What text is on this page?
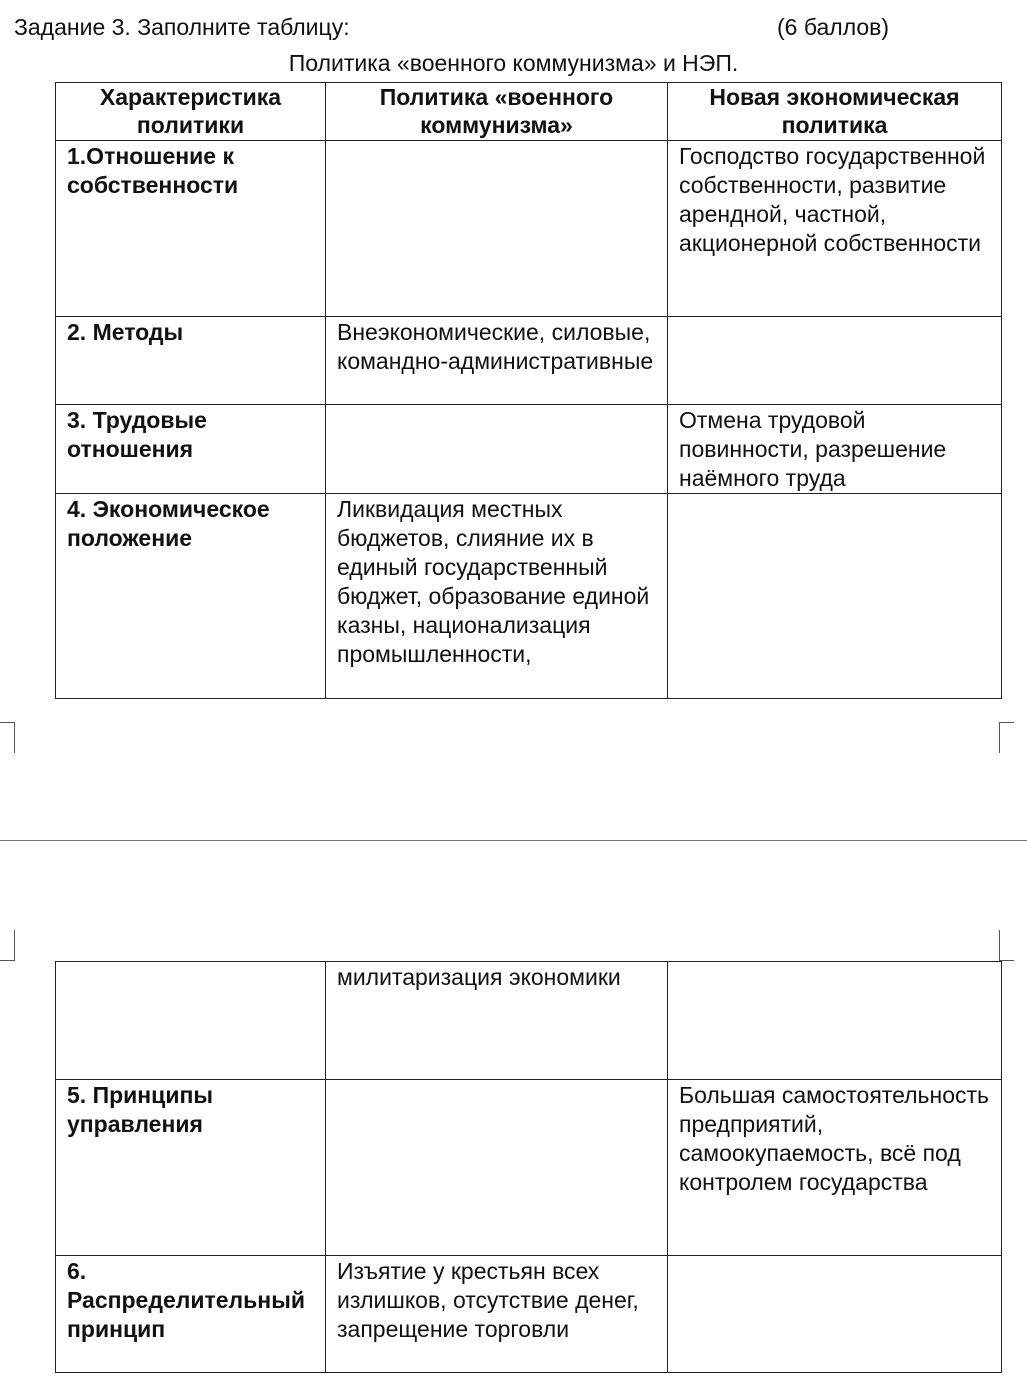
Задание 3. Заполните таблицу:	(6 баллов)
Политика «военного коммунизма» и НЭП.
Характеристика политики	Политика «военного коммунизма»	Новая экономическая политика
1.Отношение к собственности		Господство государственной собственности, развитие арендной, частной, акционерной собственности
2. Методы	Внеэкономические, силовые, командно-административные	
3. Трудовые отношения		Отмена трудовой повинности, разрешение наёмного труда
4. Экономическое положение	Ликвидация местных бюджетов, слияние их в единый государственный бюджет, образование единой казны, национализация промышленности,	
	милитаризация экономики	
5. Принципы управления		Большая самостоятельность предприятий, самоокупаемость, всё под контролем государства
6. Распределительный принцип	Изъятие у крестьян всех излишков, отсутствие денег, запрещение торговли	
